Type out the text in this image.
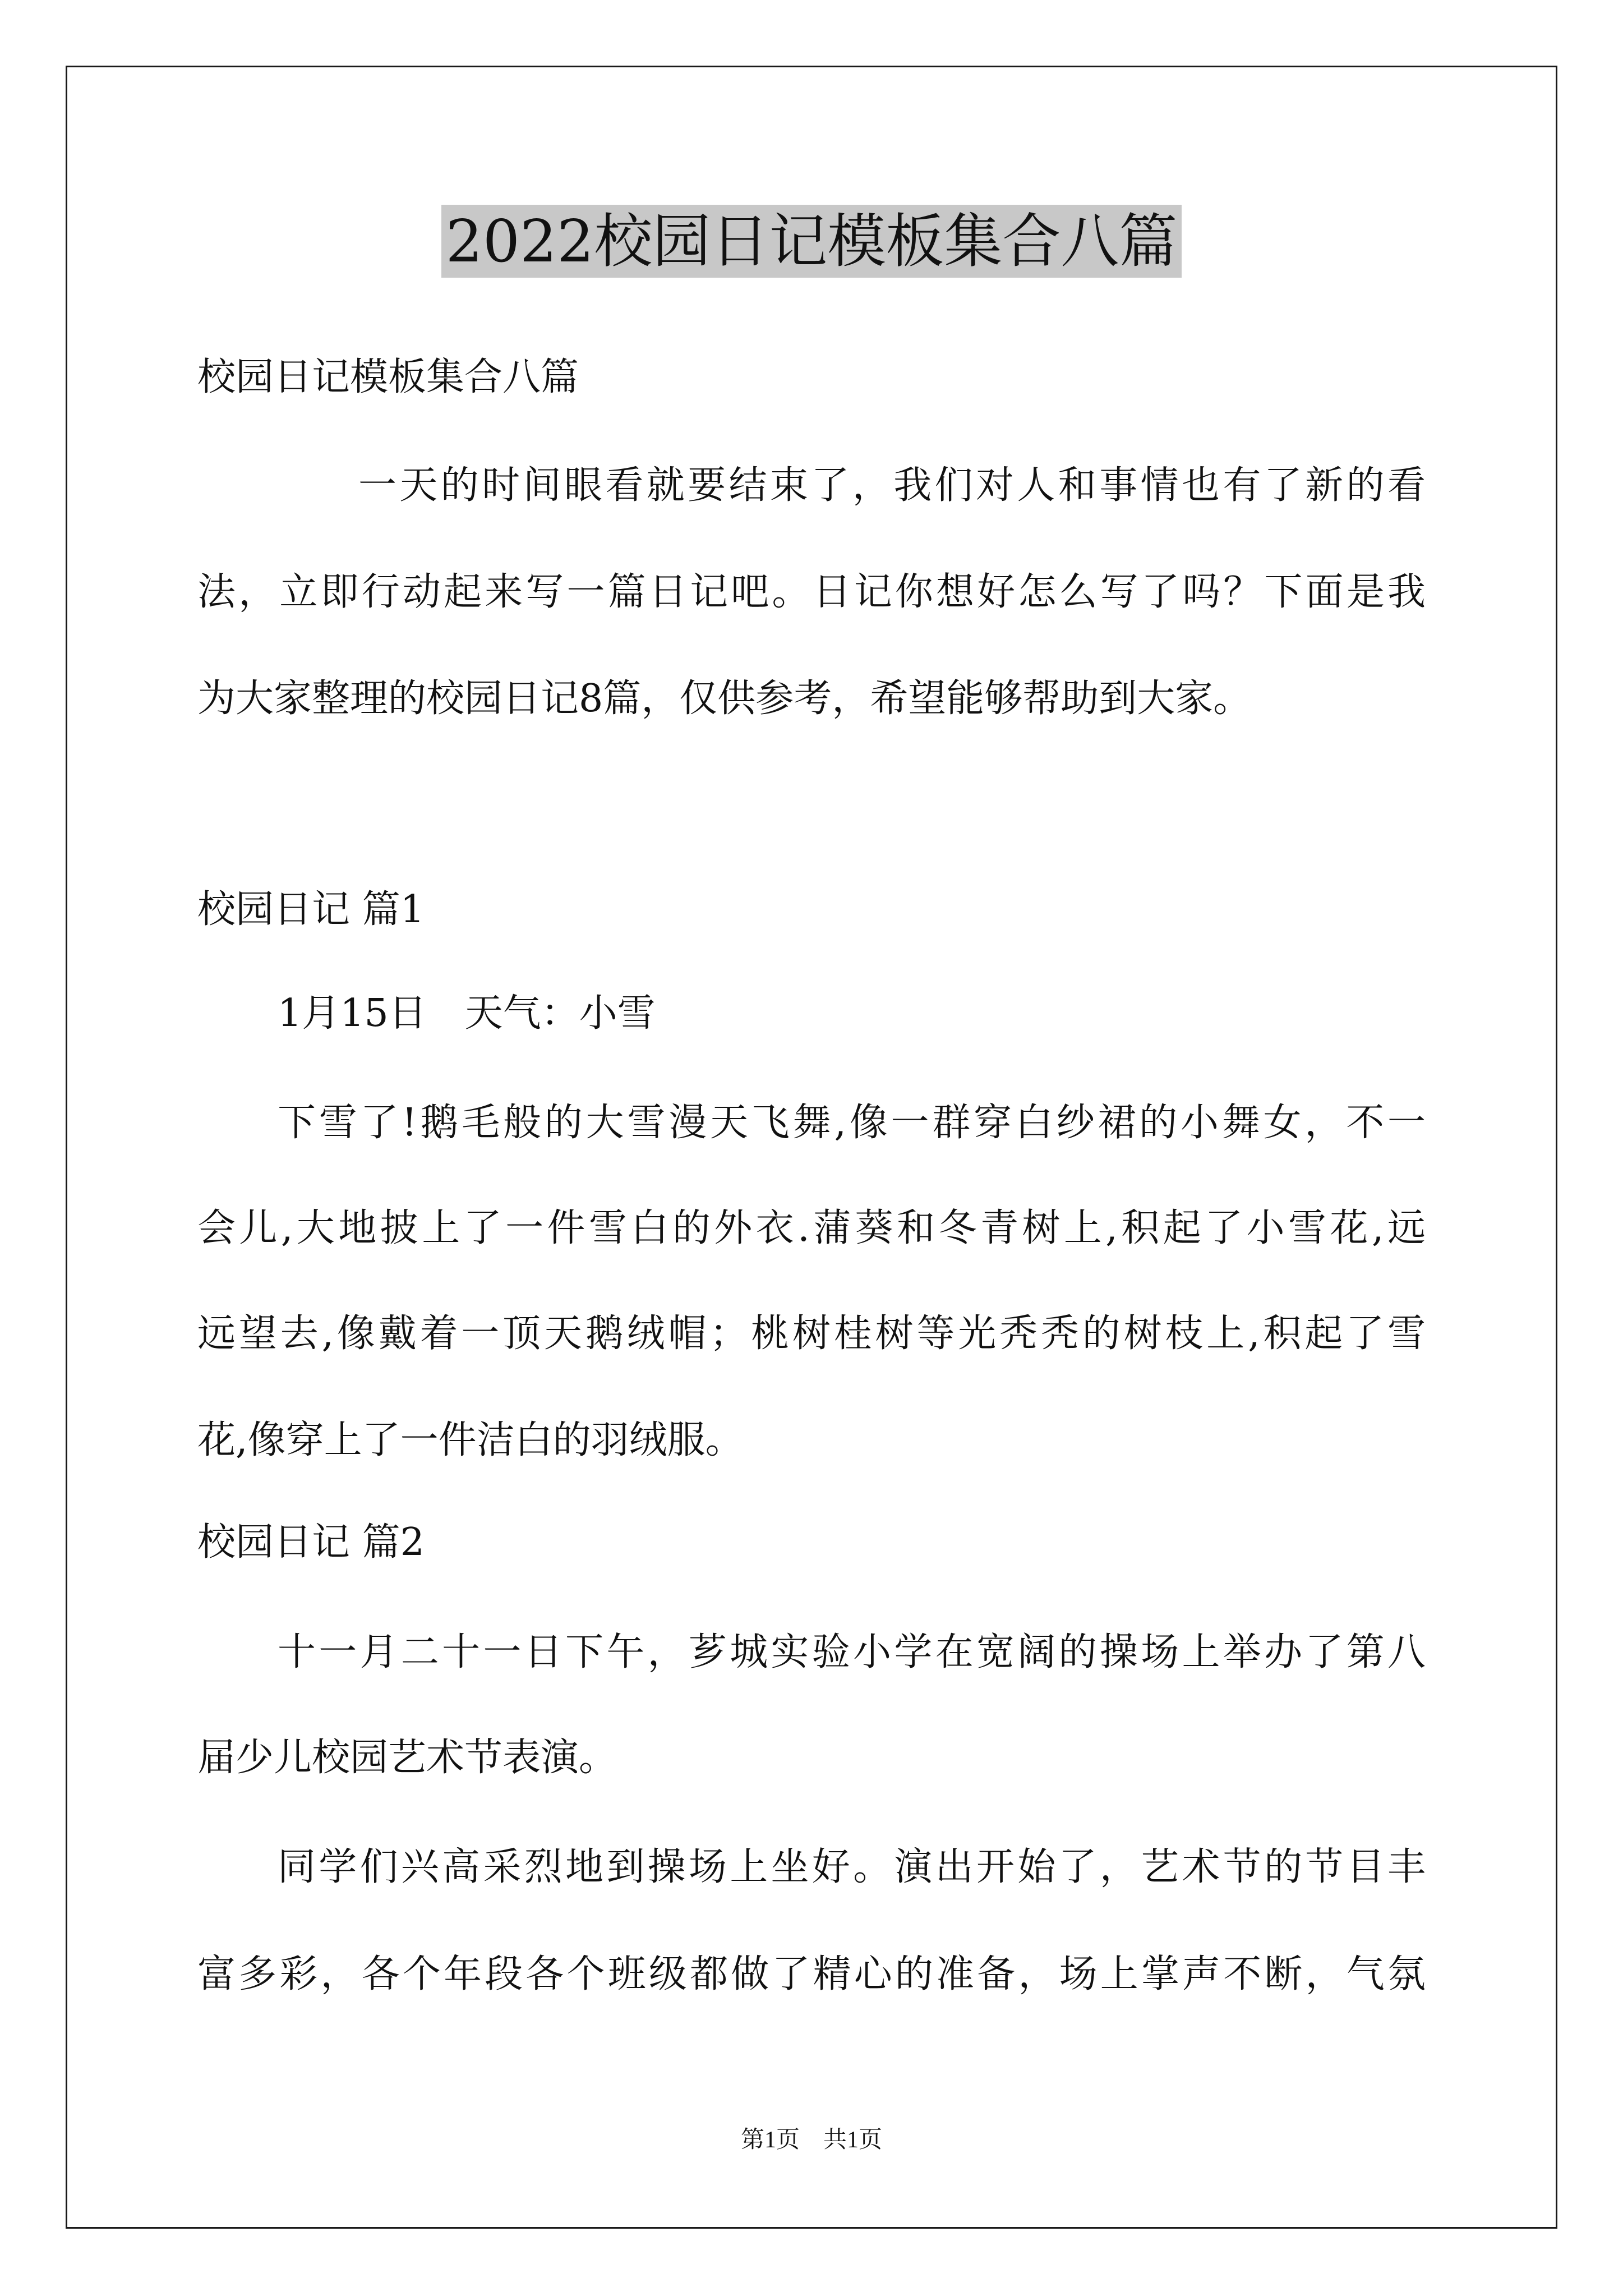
2022校园日记模板集合八篇
校园日记模板集合八篇
一天的时间眼看就要结束了，我们对人和事情也有了新的看
法，立即行动起来写一篇日记吧。日记你想好怎么写了吗？下面是我
为大家整理的校园日记8篇，仅供参考，希望能够帮助到大家。
校园日记 篇1
1月15日　天气：小雪
下雪了!鹅毛般的大雪漫天飞舞,像一群穿白纱裙的小舞女，不一
会儿,大地披上了一件雪白的外衣.蒲葵和冬青树上,积起了小雪花,远
远望去,像戴着一顶天鹅绒帽；桃树桂树等光秃秃的树枝上,积起了雪
花,像穿上了一件洁白的羽绒服。
校园日记 篇2
十一月二十一日下午，芗城实验小学在宽阔的操场上举办了第八
届少儿校园艺术节表演。
同学们兴高采烈地到操场上坐好。演出开始了，艺术节的节目丰
富多彩，各个年段各个班级都做了精心的准备，场上掌声不断，气氛
第1页　共1页
